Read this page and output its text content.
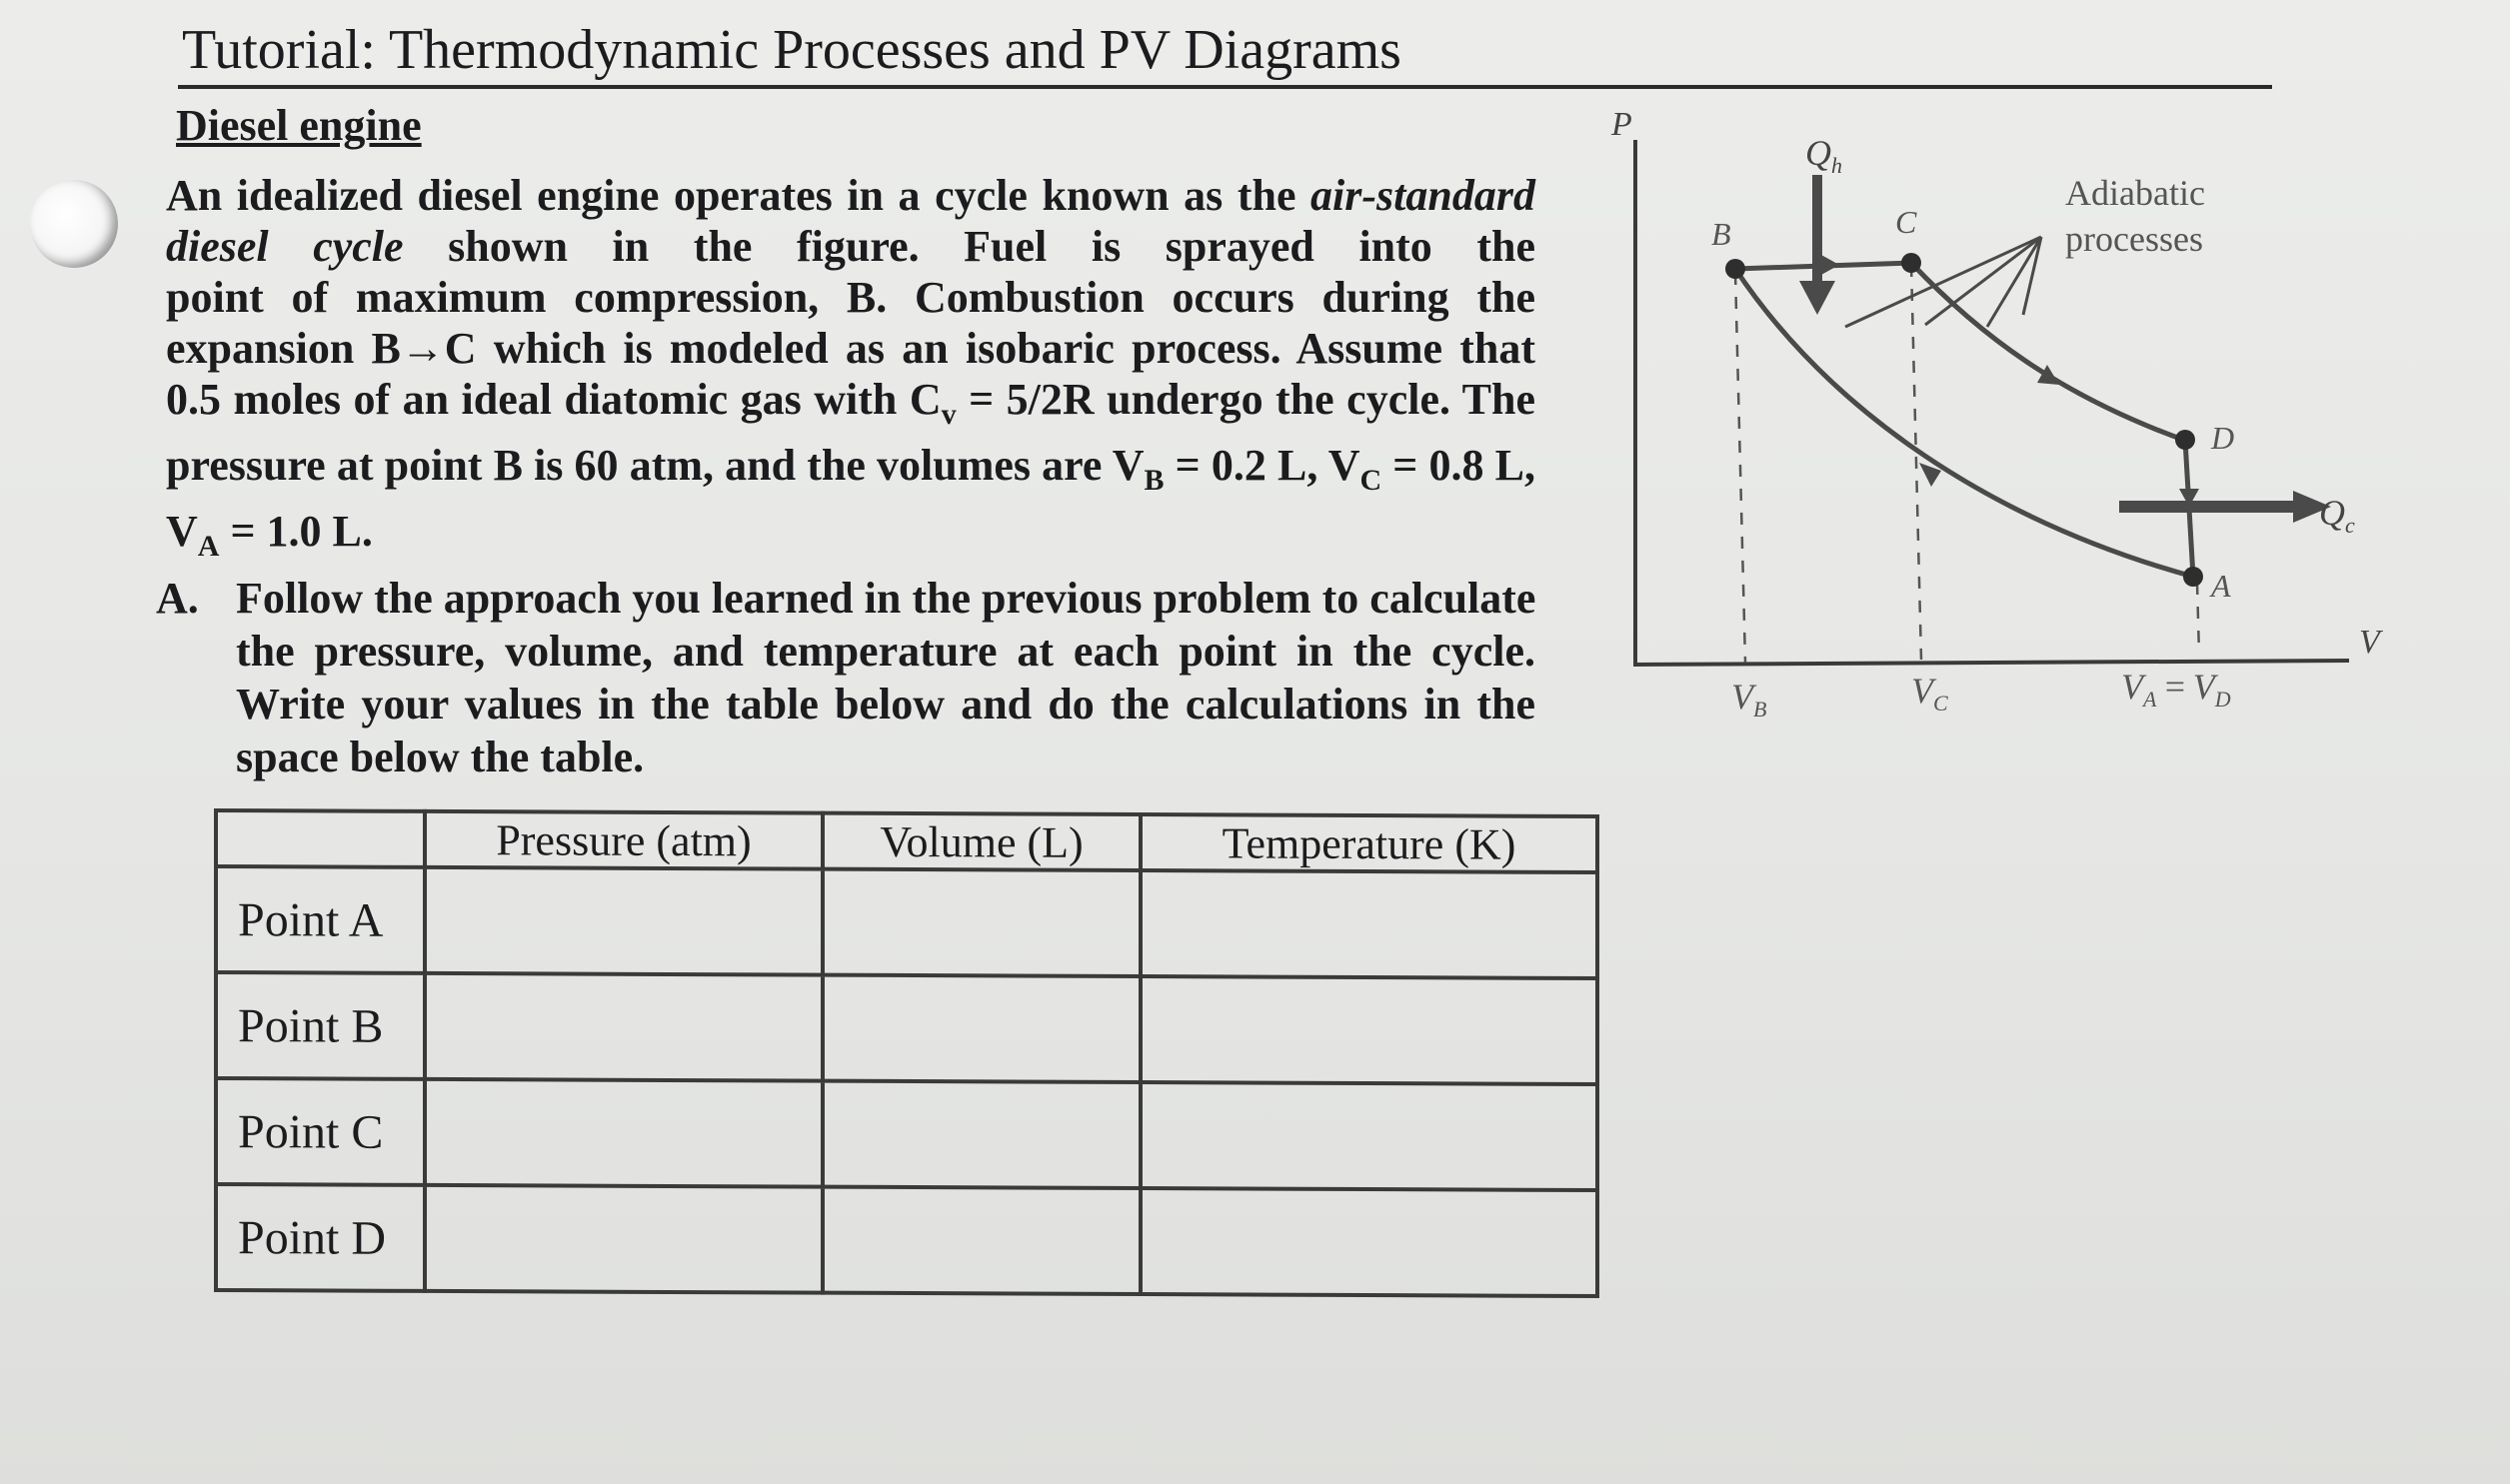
Tutorial: Thermodynamic Processes and PV Diagrams
Diesel engine
An idealized diesel engine operates in a cycle known as the air-standard
diesel cycle shown in the figure. Fuel is sprayed into the
point of maximum compression, B. Combustion occurs during the
expansion B→C which is modeled as an isobaric process. Assume that
0.5 moles of an ideal diatomic gas with $C_v = 5/2R$ undergo the cycle. The
pressure at point B is 60 atm, and the volumes are $V_B = 0.2$ L, $V_C = 0.8$ L,
$V_A = 1.0$ L.
A. Follow the approach you learned in the previous problem to calculate
the pressure, volume, and temperature at each point in the cycle.
Write your values in the table below and do the calculations in the
space below the table.
	Pressure (atm)	Volume (L)	Temperature (K)
Point A			
Point B			
Point C			
Point D			
P
V
$Q_h$
$Q_c$
Adiabatic
processes
B	C
D
A
$V_B$	$V_C$	$V_A = V_D$
